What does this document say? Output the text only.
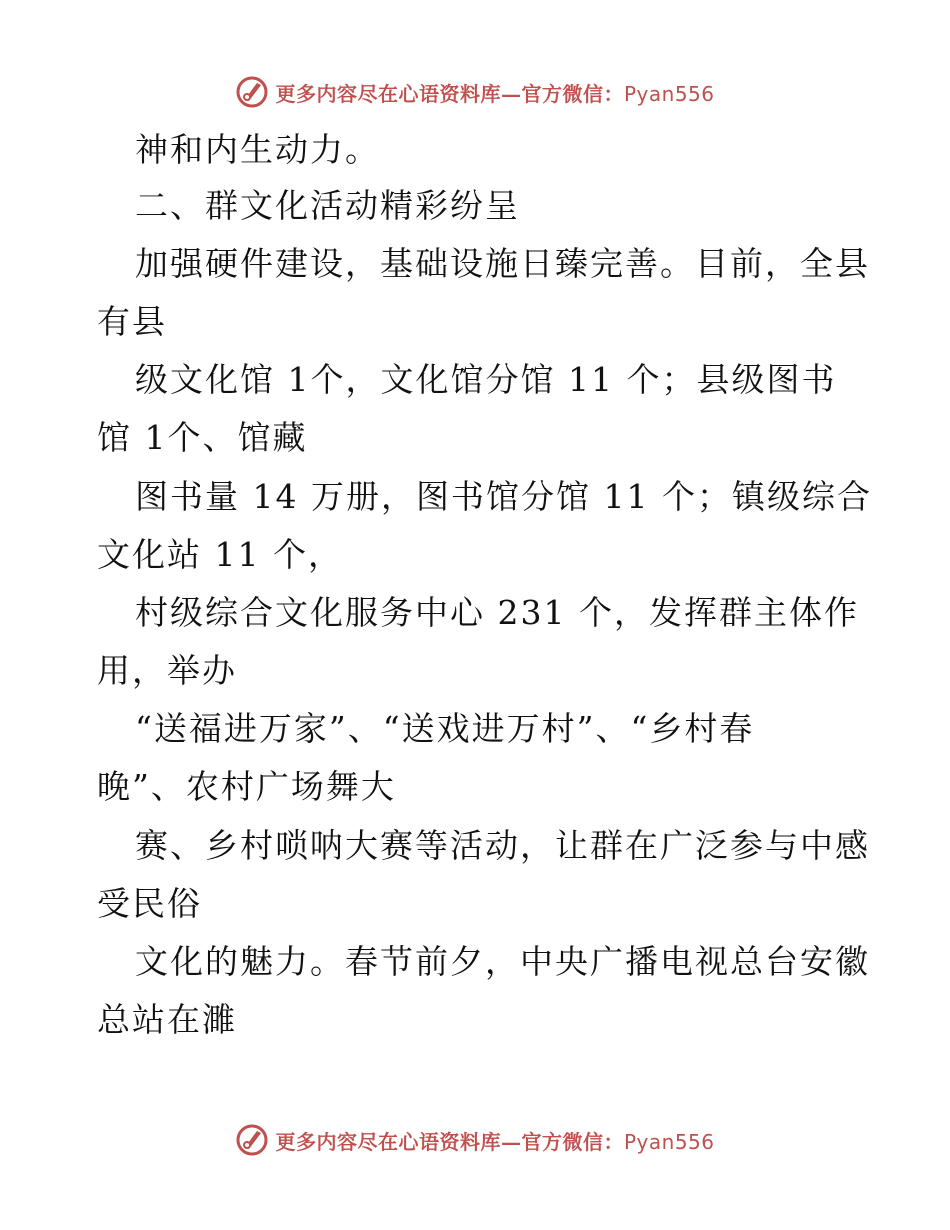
更多内容尽在心语资料库—官方微信：Pyan556
神和内生动力。
二、群文化活动精彩纷呈
加强硬件建设，基础设施日臻完善。目前，全县
有县
级文化馆 1个，文化馆分馆 11 个；县级图书
馆 1个、馆藏
图书量 14 万册，图书馆分馆 11 个；镇级综合
文化站 11 个，
村级综合文化服务中心 231 个，发挥群主体作
用，举办
“送福进万家”、“送戏进万村”、“乡村春
晚”、农村广场舞大
赛、乡村唢呐大赛等活动，让群在广泛参与中感
受民俗
文化的魅力。春节前夕，中央广播电视总台安徽
总站在濉
更多内容尽在心语资料库—官方微信：Pyan556
